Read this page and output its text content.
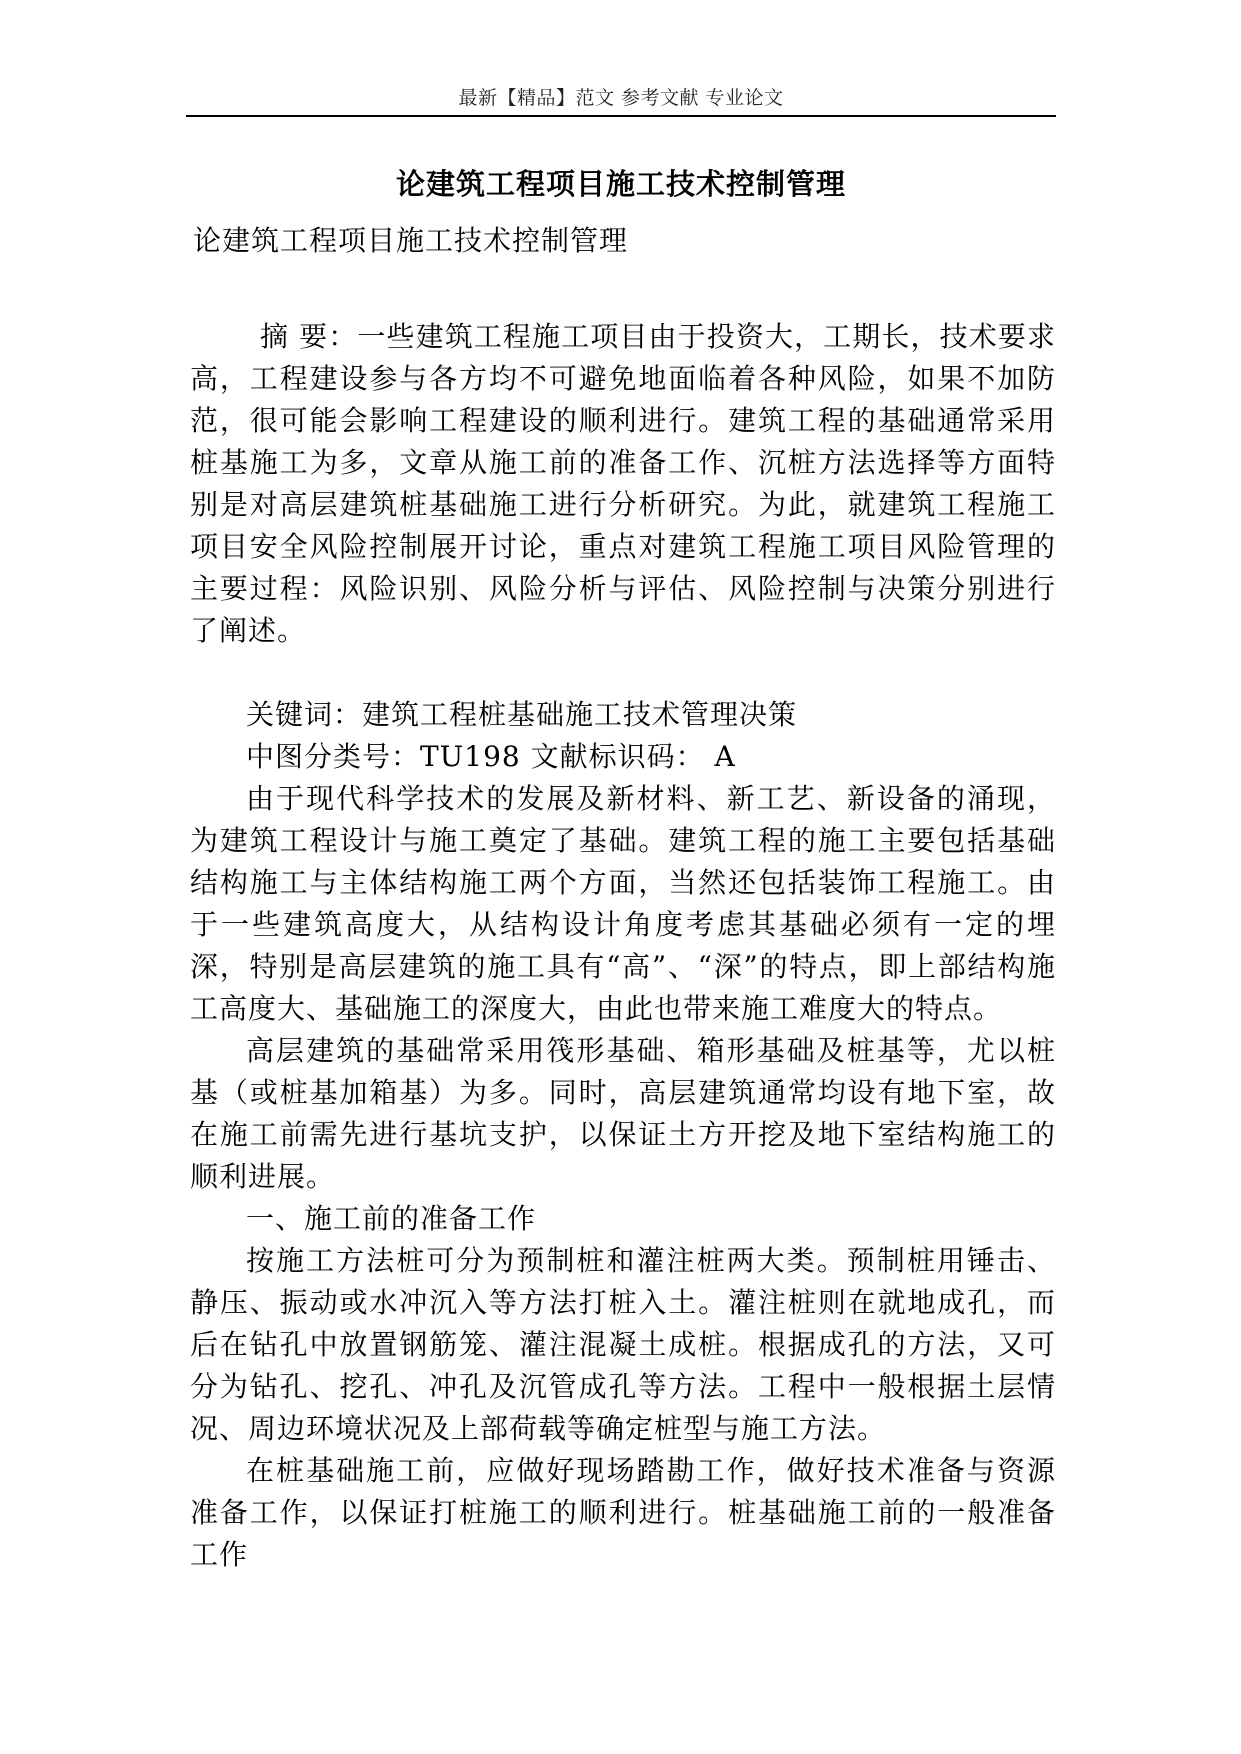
最新【精品】范文 参考文献 专业论文
论建筑工程项目施工技术控制管理
论建筑工程项目施工技术控制管理

摘 要：一些建筑工程施工项目由于投资大，工期长，技术要求高，工程建设参与各方均不可避免地面临着各种风险，如果不加防范，很可能会影响工程建设的顺利进行。建筑工程的基础通常采用桩基施工为多，文章从施工前的准备工作、沉桩方法选择等方面特别是对高层建筑桩基础施工进行分析研究。为此，就建筑工程施工项目安全风险控制展开讨论，重点对建筑工程施工项目风险管理的主要过程：风险识别、风险分析与评估、风险控制与决策分别进行了阐述。

关键词：建筑工程桩基础施工技术管理决策

中图分类号：TU198 文献标识码： A

由于现代科学技术的发展及新材料、新工艺、新设备的涌现，为建筑工程设计与施工奠定了基础。建筑工程的施工主要包括基础结构施工与主体结构施工两个方面，当然还包括装饰工程施工。由于一些建筑高度大，从结构设计角度考虑其基础必须有一定的埋深，特别是高层建筑的施工具有“高”、“深”的特点，即上部结构施工高度大、基础施工的深度大，由此也带来施工难度大的特点。

高层建筑的基础常采用筏形基础、箱形基础及桩基等，尤以桩基（或桩基加箱基）为多。同时，高层建筑通常均设有地下室，故在施工前需先进行基坑支护，以保证土方开挖及地下室结构施工的顺利进展。

一、施工前的准备工作

按施工方法桩可分为预制桩和灌注桩两大类。预制桩用锤击、静压、振动或水冲沉入等方法打桩入土。灌注桩则在就地成孔，而后在钻孔中放置钢筋笼、灌注混凝土成桩。根据成孔的方法，又可分为钻孔、挖孔、冲孔及沉管成孔等方法。工程中一般根据土层情况、周边环境状况及上部荷载等确定桩型与施工方法。

在桩基础施工前，应做好现场踏勘工作，做好技术准备与资源准备工作，以保证打桩施工的顺利进行。桩基础施工前的一般准备工作
